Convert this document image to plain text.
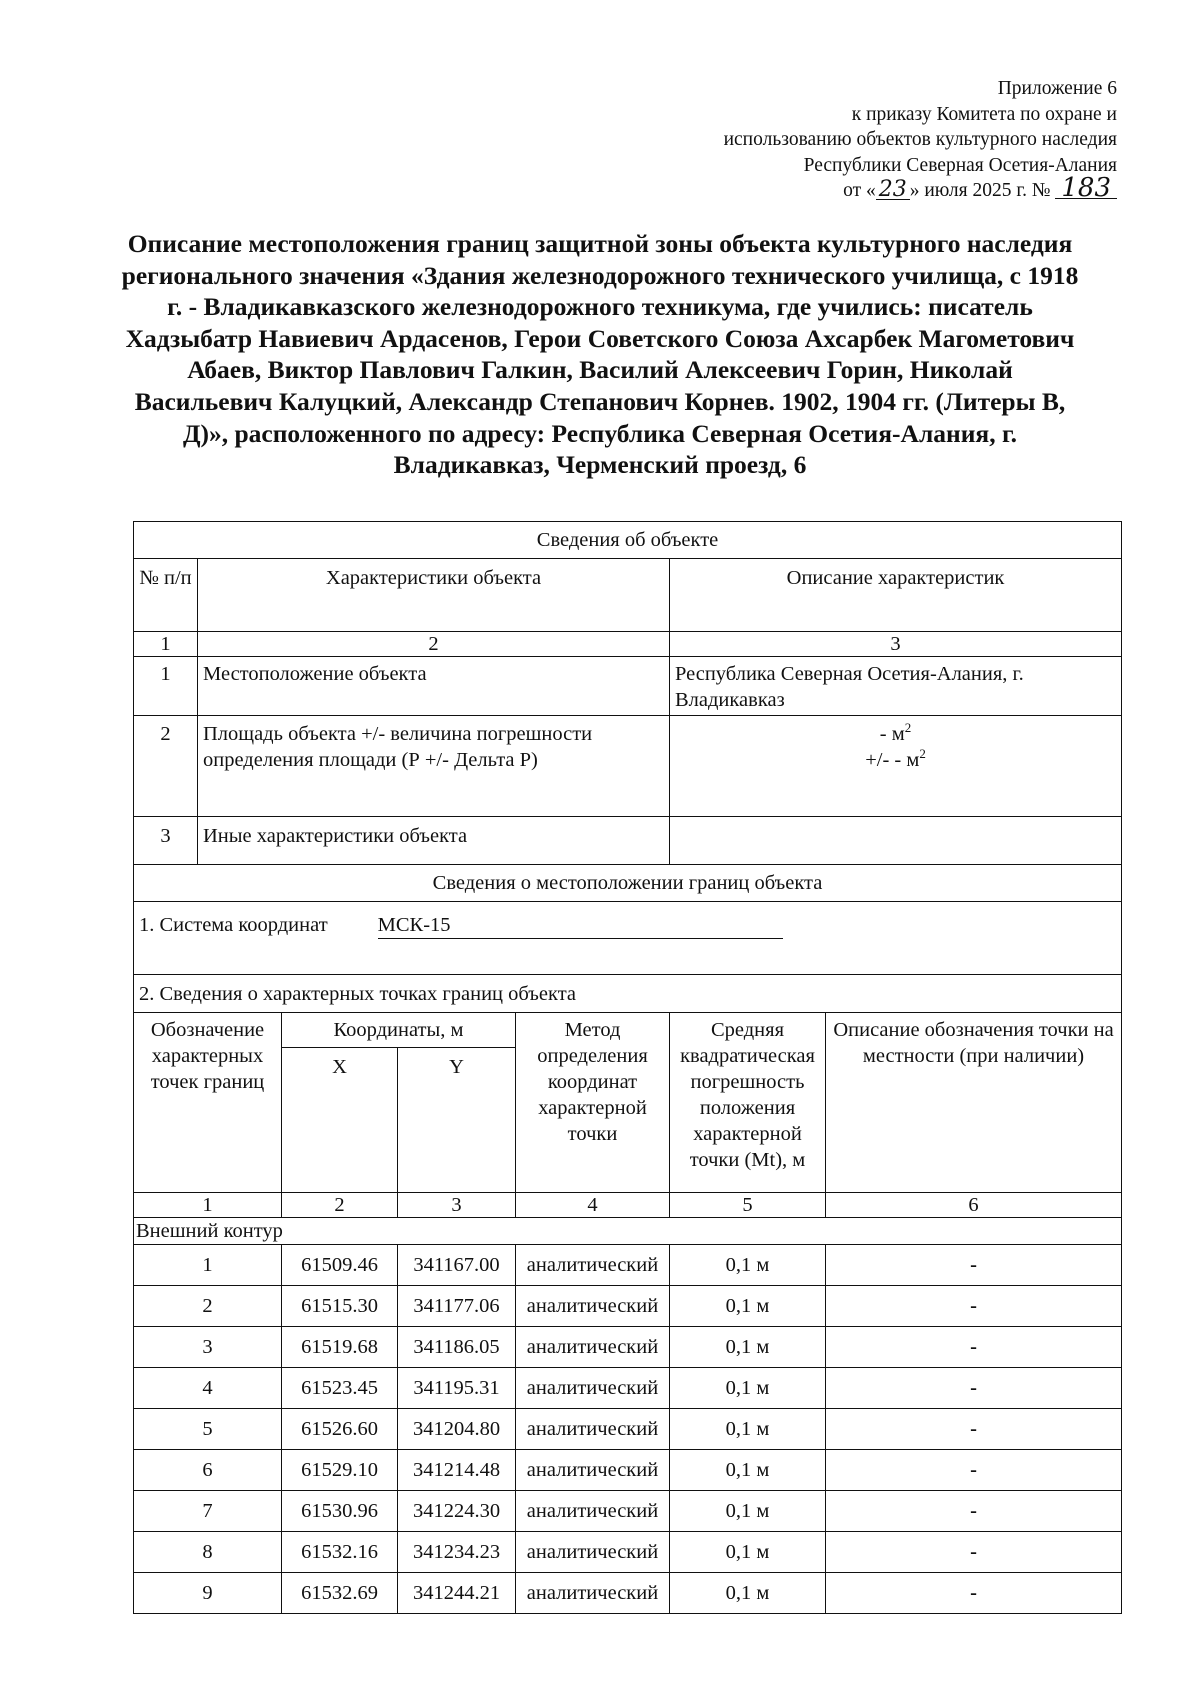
Приложение 6
к приказу Комитета по охране и
использованию объектов культурного наследия
Республики Северная Осетия-Алания
от « 23 » июля 2025 г. № 183
Описание местоположения границ защитной зоны объекта культурного наследия регионального значения «Здания железнодорожного технического училища, с 1918 г. - Владикавказского железнодорожного техникума, где учились: писатель Хадзыбатр Навиевич Ардасенов, Герои Советского Союза Ахсарбек Магометович Абаев, Виктор Павлович Галкин, Василий Алексеевич Горин, Николай Васильевич Калуцкий, Александр Степанович Корнев. 1902, 1904 гг. (Литеры В, Д)», расположенного по адресу: Республика Северная Осетия-Алания, г. Владикавказ, Черменский проезд, 6
Сведения об объекте						
№ п/п	Характеристики объекта				Описание характеристик	
1	2				3	
1	Местоположение объекта				Республика Северная Осетия-Алания, г. Владикавказ	
2	Площадь объекта +/- величина погрешности определения площади (Р +/- Дельта Р)				- $м^2$
+/- - $м^2$

3	Иные характеристики объекта					
Сведения о местоположении границ объекта						
1. Система координат МСК-15						
2. Сведения о характерных точках границ объекта						
Обозначение характерных точек границ		Координаты, м		Метод определения координат характерной точки	Средняя квадратическая погрешность положения характерной точки (Mt), м	Описание обозначения точки на местности (при наличии)
		X	Y			
1		2	3	4	5	6
Внешний контур						
1		61509.46	341167.00	аналитический	0,1 м	-
2		61515.30	341177.06	аналитический	0,1 м	-
3		61519.68	341186.05	аналитический	0,1 м	-
4		61523.45	341195.31	аналитический	0,1 м	-
5		61526.60	341204.80	аналитический	0,1 м	-
6		61529.10	341214.48	аналитический	0,1 м	-
7		61530.96	341224.30	аналитический	0,1 м	-
8		61532.16	341234.23	аналитический	0,1 м	-
9		61532.69	341244.21	аналитический	0,1 м	-
